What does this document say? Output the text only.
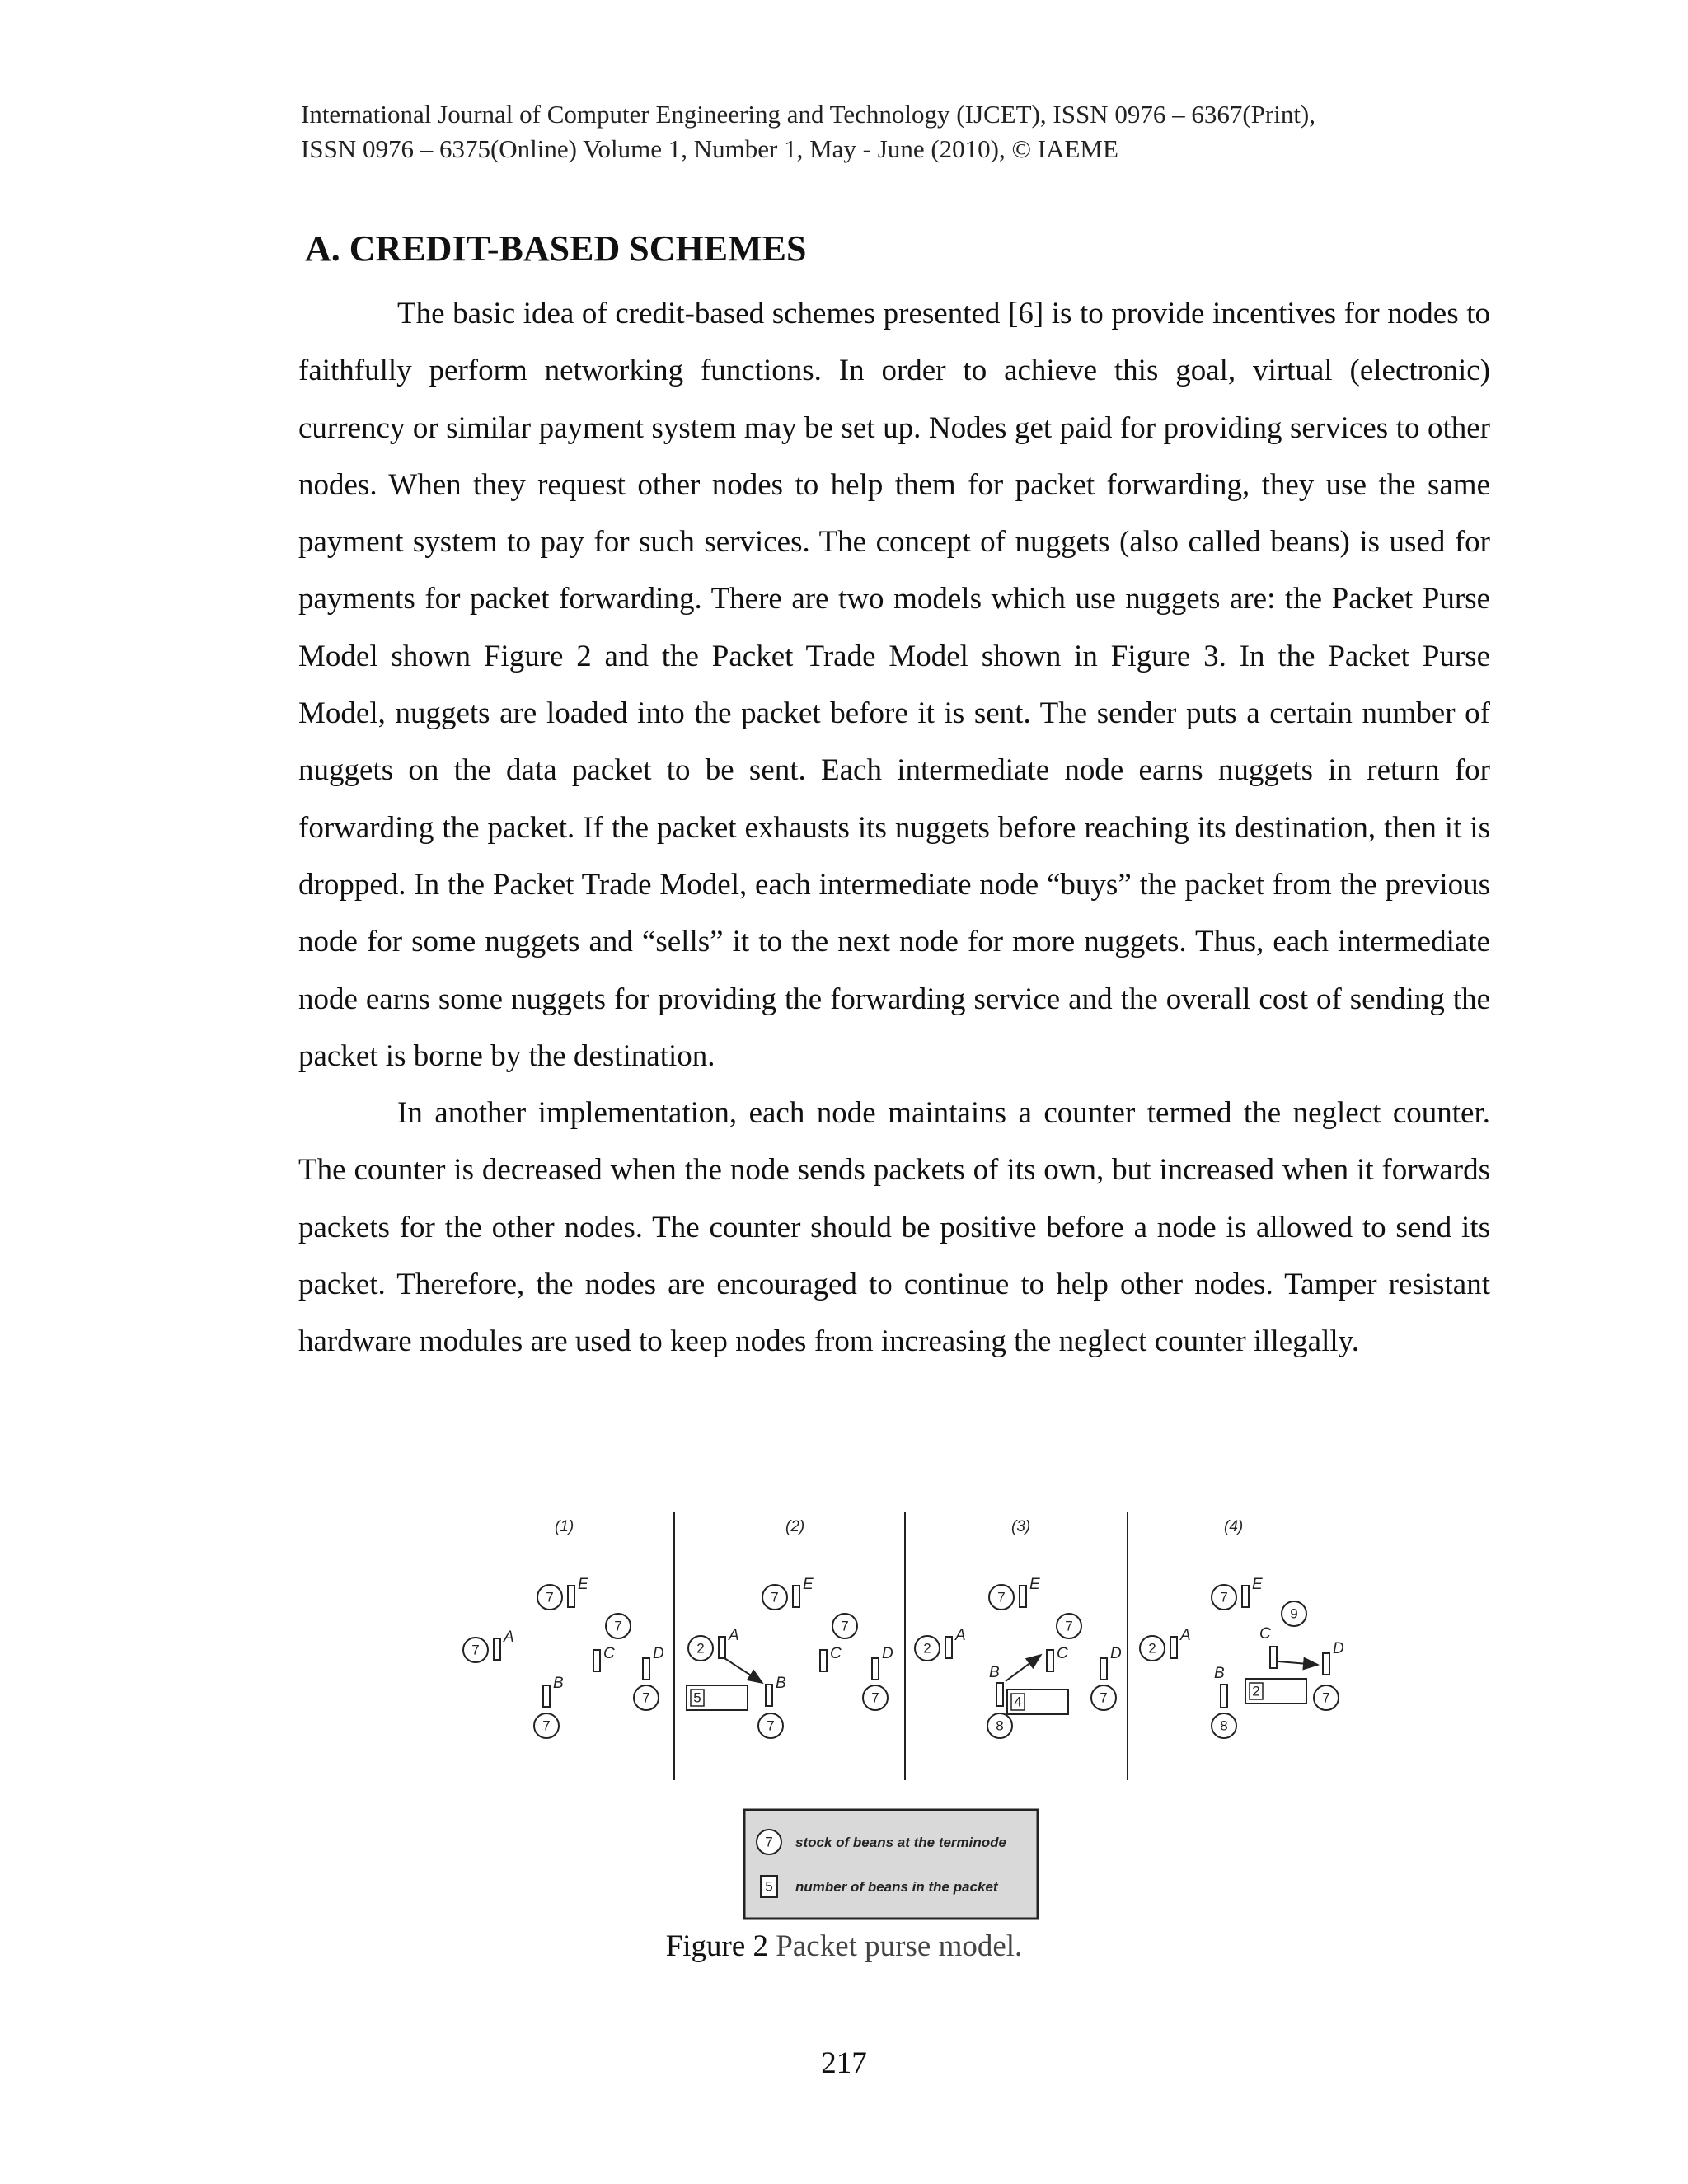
International Journal of Computer Engineering and Technology (IJCET), ISSN 0976 – 6367(Print),
ISSN 0976 – 6375(Online) Volume 1, Number 1, May - June (2010), © IAEME
A. CREDIT-BASED SCHEMES

The basic idea of credit-based schemes presented [6] is to provide incentives for nodes to faithfully perform networking functions. In order to achieve this goal, virtual (electronic) currency or similar payment system may be set up. Nodes get paid for providing services to other nodes. When they request other nodes to help them for packet forwarding, they use the same payment system to pay for such services. The concept of nuggets (also called beans) is used for payments for packet forwarding. There are two models which use nuggets are: the Packet Purse Model shown Figure 2 and the Packet Trade Model shown in Figure 3. In the Packet Purse Model, nuggets are loaded into the packet before it is sent. The sender puts a certain number of nuggets on the data packet to be sent. Each intermediate node earns nuggets in return for forwarding the packet. If the packet exhausts its nuggets before reaching its destination, then it is dropped. In the Packet Trade Model, each intermediate node “buys” the packet from the previous node for some nuggets and “sells” it to the next node for more nuggets. Thus, each intermediate node earns some nuggets for providing the forwarding service and the overall cost of sending the packet is borne by the destination.

In another implementation, each node maintains a counter termed the neglect counter. The counter is decreased when the node sends packets of its own, but increased when it forwards packets for the other nodes. The counter should be positive before a node is allowed to send its packet. Therefore, the nodes are encouraged to continue to help other nodes. Tamper resistant hardware modules are used to keep nodes from increasing the neglect counter illegally.

(1)
7
A
7
E
7
C D
7
B
7
(2)
2
A
7
E
7
C	D
7
B
7
5
(3)
2
A
7
E
7
C	D
7
B
8
4
(4)
2
A
7
E
9
C
D
7
B
8
2
7 stock of beans at the terminode
5 number of beans in the packet
Figure 2 Packet purse model.
217
